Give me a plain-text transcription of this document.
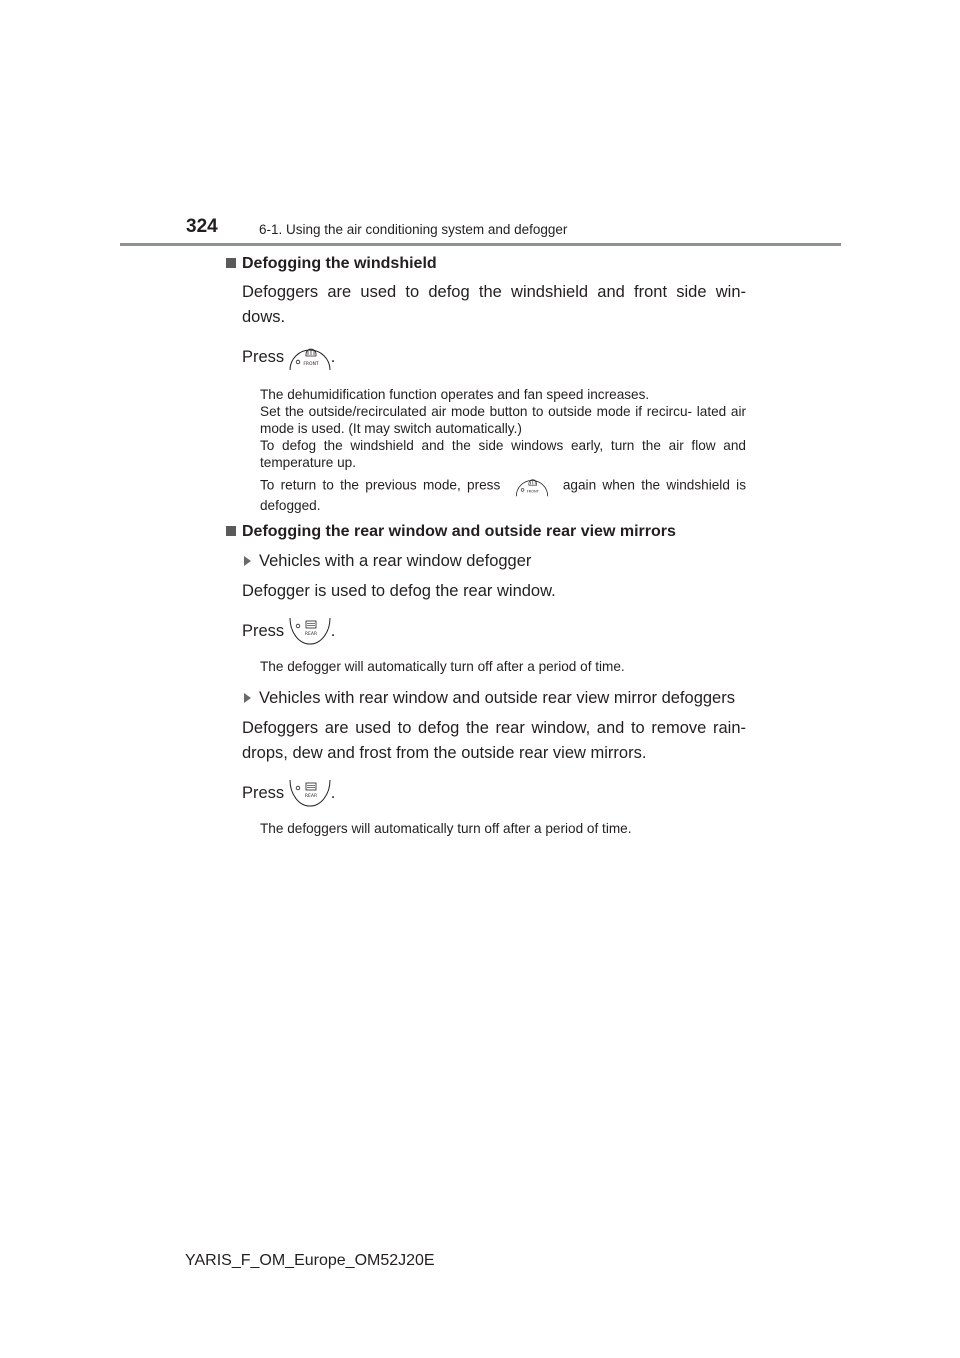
324	6-1. Using the air conditioning system and defogger
Defogging the windshield

Defoggers are used to defog the windshield and front side win- dows.

Press
	FRONT .

The dehumidification function operates and fan speed increases.

Set the outside/recirculated air mode button to outside mode if recircu- lated air mode is used. (It may switch automatically.)

To defog the windshield and the side windows early, turn the air flow and temperature up.

To return to the previous mode, press	FRONT again when the windshield is defogged.

Defogging the rear window and outside rear view mirrors
Vehicles with a rear window defogger

Defogger is used to defog the rear window.

Press
	REAR .
The defogger will automatically turn off after a period of time.
Vehicles with rear window and outside rear view mirror defoggers

Defoggers are used to defog the rear window, and to remove rain- drops, dew and frost from the outside rear view mirrors.

Press
	REAR .
The defoggers will automatically turn off after a period of time.
YARIS_F_OM_Europe_OM52J20E
